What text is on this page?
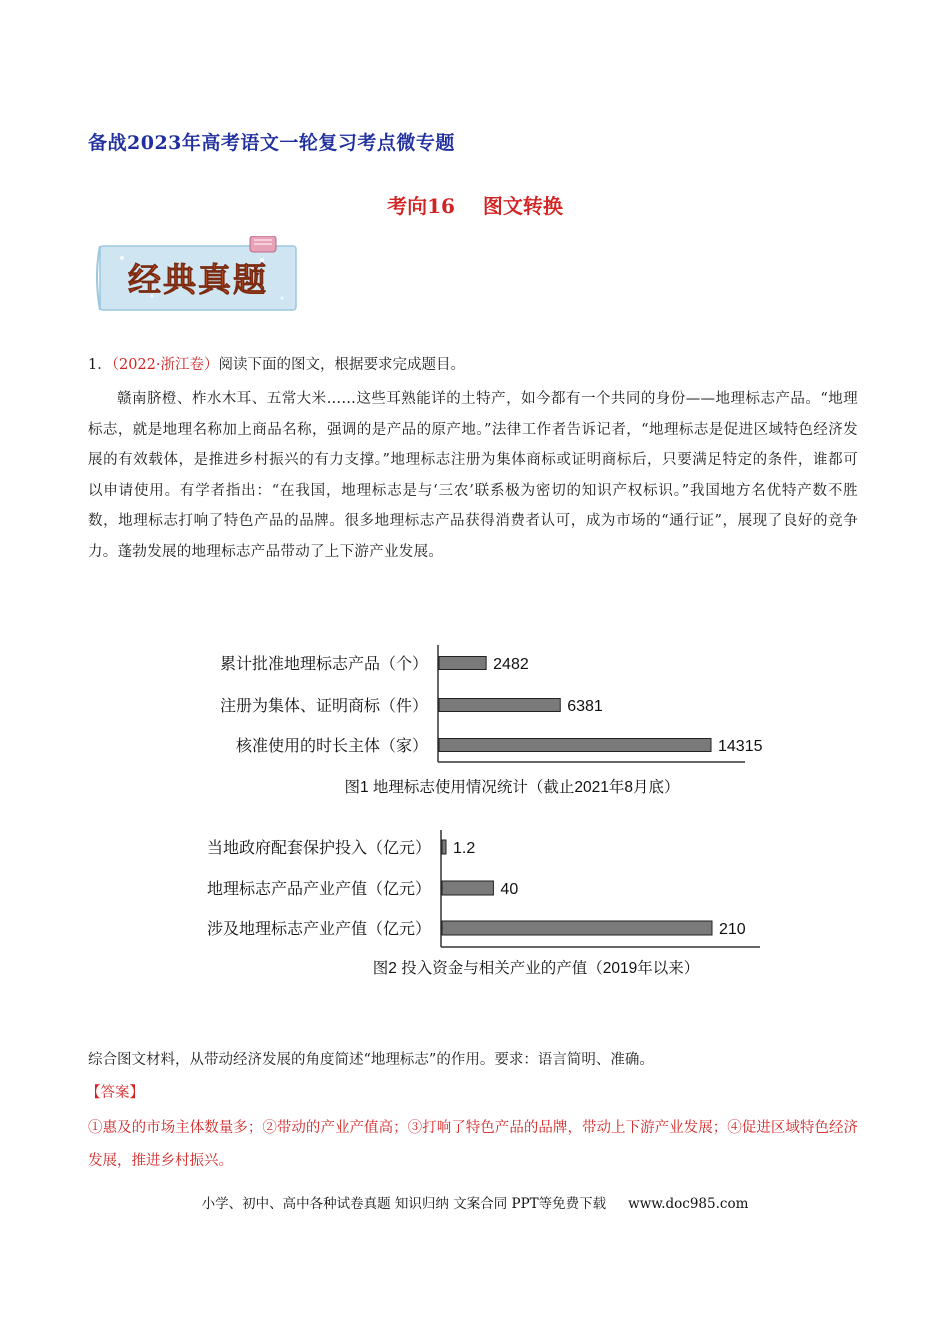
备战2023年高考语文一轮复习考点微专题
考向16 图文转换
经典真题
1．（2022·浙江卷）阅读下面的图文，根据要求完成题目。
赣南脐橙、柞水木耳、五常大米……这些耳熟能详的土特产，如今都有一个共同的身份——地理标志产品。“地理标志，就是地理名称加上商品名称，强调的是产品的原产地。”法律工作者告诉记者，“地理标志是促进区域特色经济发展的有效载体，是推进乡村振兴的有力支撑。”地理标志注册为集体商标或证明商标后，只要满足特定的条件，谁都可以申请使用。有学者指出：“在我国，地理标志是与‘三农’联系极为密切的知识产权标识。”我国地方名优特产数不胜数，地理标志打响了特色产品的品牌。很多地理标志产品获得消费者认可，成为市场的“通行证”，展现了良好的竞争力。蓬勃发展的地理标志产品带动了上下游产业发展。
2482
累计批准地理标志产品（个）
6381
注册为集体、证明商标（件）
14315
核准使用的时长主体（家）
图1 地理标志使用情况统计（截止2021年8月底）
1.2
当地政府配套保护投入（亿元）
40
地理标志产品产业产值（亿元）
210
涉及地理标志产业产值（亿元）
图2 投入资金与相关产业的产值（2019年以来）
综合图文材料，从带动经济发展的角度简述“地理标志”的作用。要求：语言简明、准确。
【答案】
①惠及的市场主体数量多；②带动的产业产值高；③打响了特色产品的品牌，带动上下游产业发展；④促进区域特色经济发展，推进乡村振兴。
小学、初中、高中各种试卷真题 知识归纳 文案合同 PPT等免费下载 www.doc985.com
